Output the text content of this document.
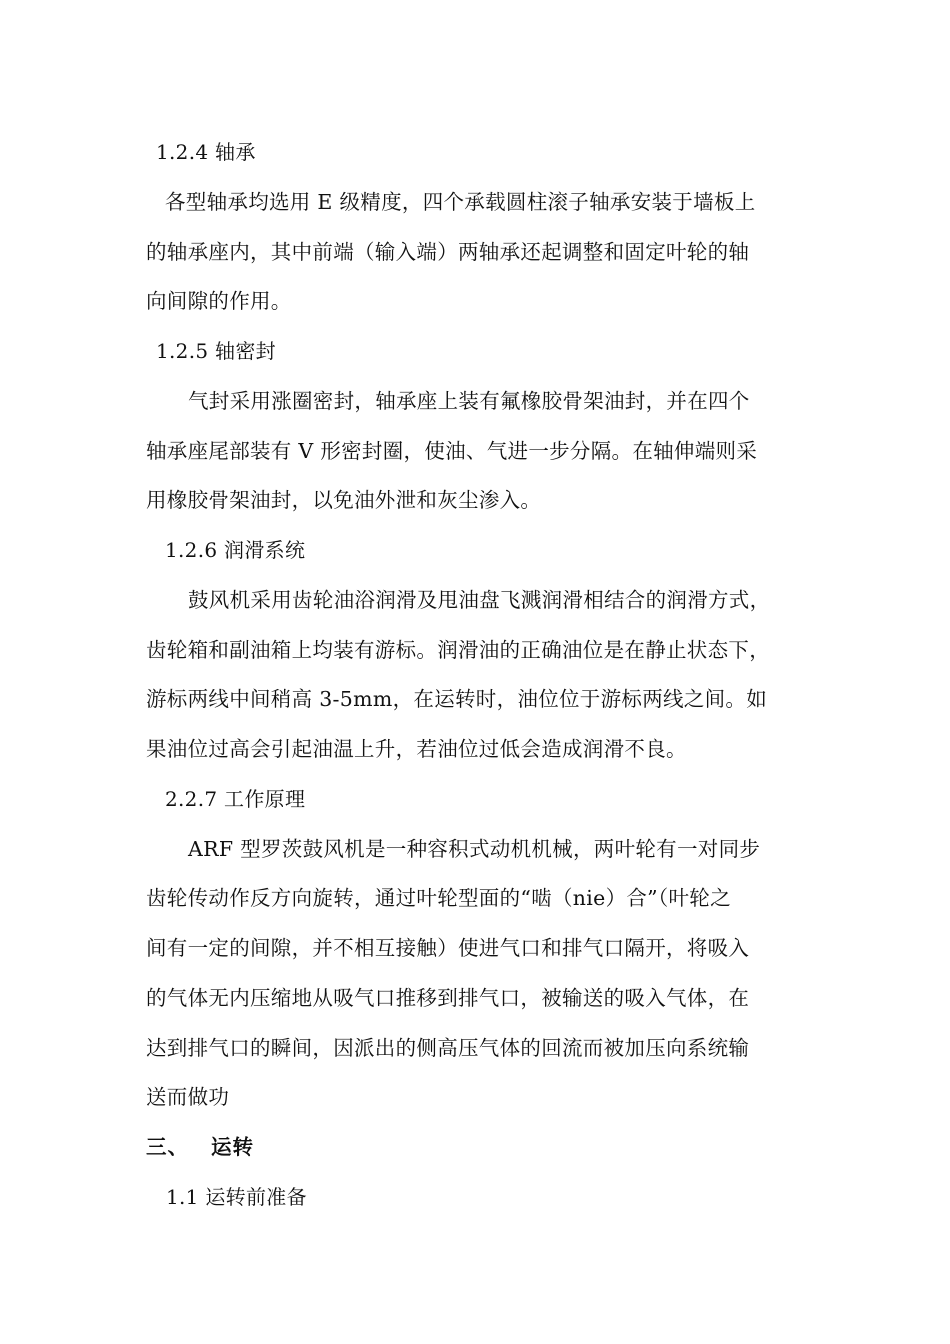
1.2.4 轴承
各型轴承均选用 E 级精度，四个承载圆柱滚子轴承安装于墙板上
的轴承座内，其中前端（输入端）两轴承还起调整和固定叶轮的轴
向间隙的作用。
1.2.5 轴密封
气封采用涨圈密封，轴承座上装有氟橡胶骨架油封，并在四个
轴承座尾部装有 V 形密封圈，使油、气进一步分隔。在轴伸端则采
用橡胶骨架油封，以免油外泄和灰尘渗入。
1.2.6 润滑系统
鼓风机采用齿轮油浴润滑及甩油盘飞溅润滑相结合的润滑方式，
齿轮箱和副油箱上均装有游标。润滑油的正确油位是在静止状态下，
游标两线中间稍高 3-5mm，在运转时，油位位于游标两线之间。如
果油位过高会引起油温上升，若油位过低会造成润滑不良。
2.2.7 工作原理
ARF 型罗茨鼓风机是一种容积式动机机械，两叶轮有一对同步
齿轮传动作反方向旋转，通过叶轮型面的“啮（nie）合”（叶轮之
间有一定的间隙，并不相互接触）使进气口和排气口隔开，将吸入
的气体无内压缩地从吸气口推移到排气口，被输送的吸入气体，在
达到排气口的瞬间，因派出的侧高压气体的回流而被加压向系统输
送而做功
三、 运转
1.1 运转前准备
